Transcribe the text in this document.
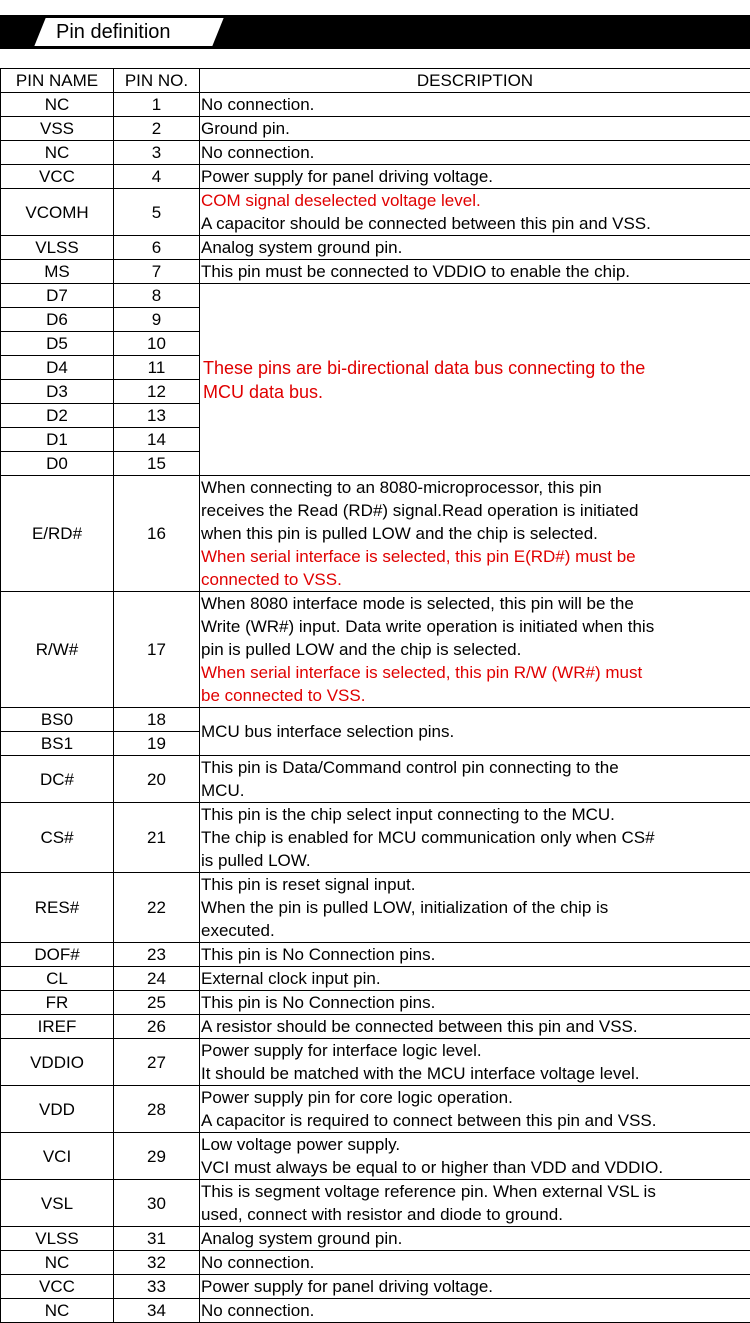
Pin definition
PIN NAME	PIN NO.	DESCRIPTION
NC	1	No connection.

VSS	2	Ground pin.

NC	3	No connection.

VCC	4	Power supply for panel driving voltage.

VCOMH	5	COM signal deselected voltage level.
A capacitor should be connected between this pin and VSS.

VLSS	6	Analog system ground pin.

MS	7	This pin must be connected to VDDIO to enable the chip.

D7	8	These pins are bi-directional data bus connecting to the
MCU data bus.

D6	9	
D5	10	
D4	11	
D3	12	
D2	13	
D1	14	
D0	15	
E/RD#	16	When connecting to an 8080-microprocessor, this pin
receives the Read (RD#) signal.Read operation is initiated
when this pin is pulled LOW and the chip is selected.
When serial interface is selected, this pin E(RD#) must be
connected to VSS.

R/W#	17	When 8080 interface mode is selected, this pin will be the
Write (WR#) input. Data write operation is initiated when this
pin is pulled LOW and the chip is selected.
When serial interface is selected, this pin R/W (WR#) must
be connected to VSS.

BS0	18	MCU bus interface selection pins.

BS1	19	
DC#	20	This pin is Data/Command control pin connecting to the
MCU.

CS#	21	This pin is the chip select input connecting to the MCU.
The chip is enabled for MCU communication only when CS#
is pulled LOW.

RES#	22	This pin is reset signal input.
When the pin is pulled LOW, initialization of the chip is
executed.

DOF#	23	This pin is No Connection pins.

CL	24	External clock input pin.

FR	25	This pin is No Connection pins.

IREF	26	A resistor should be connected between this pin and VSS.

VDDIO	27	Power supply for interface logic level.
It should be matched with the MCU interface voltage level.

VDD	28	Power supply pin for core logic operation.
A capacitor is required to connect between this pin and VSS.

VCI	29	Low voltage power supply.
VCI must always be equal to or higher than VDD and VDDIO.

VSL	30	This is segment voltage reference pin. When external VSL is
used, connect with resistor and diode to ground.

VLSS	31	Analog system ground pin.

NC	32	No connection.

VCC	33	Power supply for panel driving voltage.

NC	34	No connection.
